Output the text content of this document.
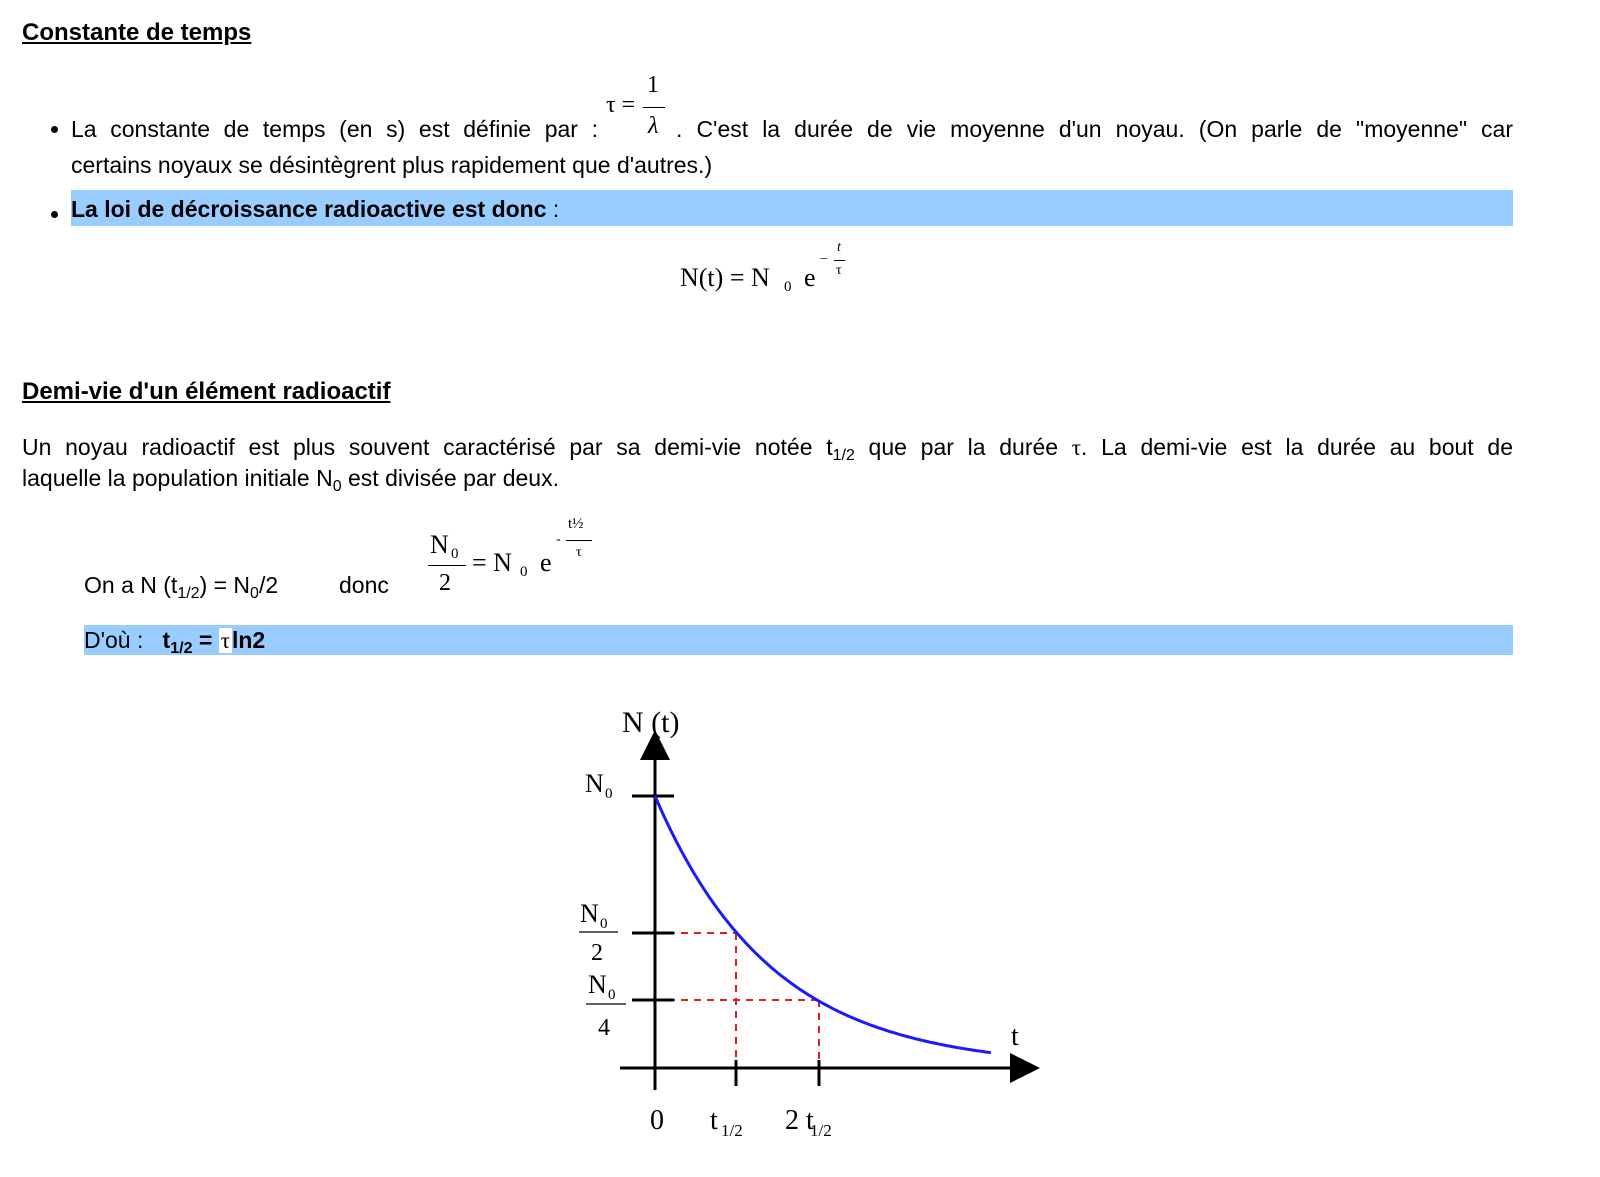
Constante de temps
La constante de temps (en s) est définie par :
τ =
1
λ . C'est la durée de vie moyenne d'un noyau. (On parle de "moyenne" car
certains noyaux se désintègrent plus rapidement que d'autres.)
La loi de décroissance radioactive est donc :
N(t) = N 0 e
−
t
τ
Demi-vie d'un élément radioactif
Un noyau radioactif est plus souvent caractérisé par sa demi-vie notée $t_{1/2}$ que par la durée τ. La demi-vie est la durée au bout de
laquelle la population initiale $N_0$ est divisée par deux.
On a N $(t_{1/2}) = N_0/2$	donc
N 0
2
= N 0 e
-
t½
τ
D'où : $t_{1/2} = \tau\ln 2$
N (t)
t
N 0
N 0
2
N 0
4
0 t 1/2 2 t
1/2
